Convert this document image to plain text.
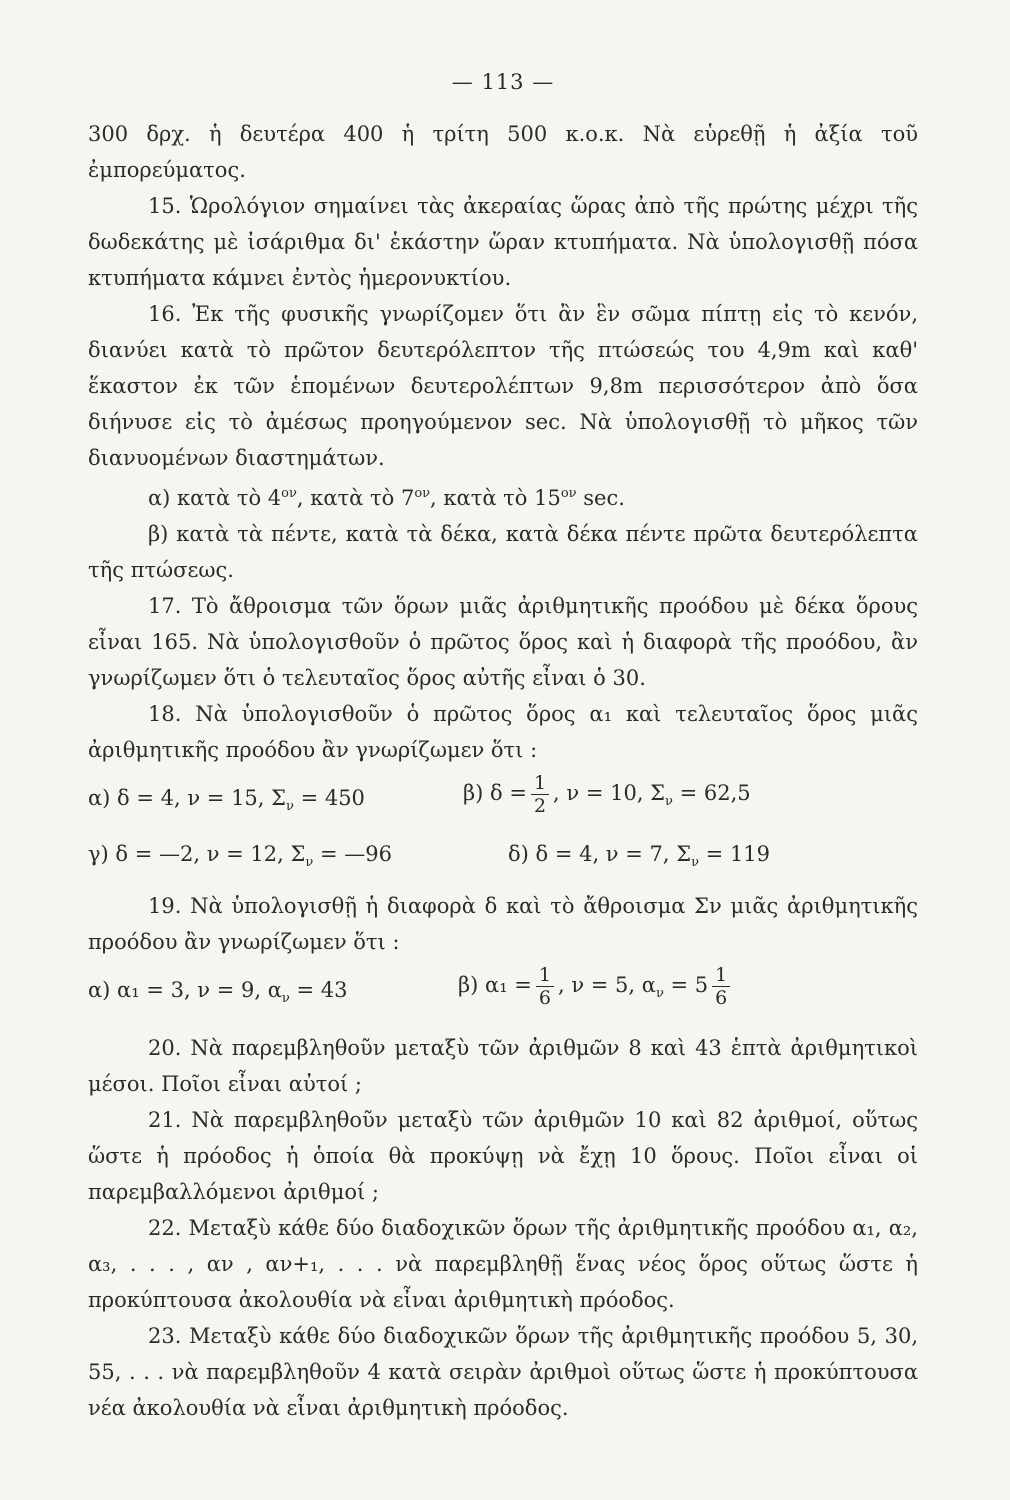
— 113 —

300 δρχ. ἡ δευτέρα 400 ἡ τρίτη 500 κ.ο.κ. Νὰ εὑρεθῇ ἡ ἀξία τοῦ ἐμπορεύματος.

15. Ὡρολόγιον σημαίνει τὰς ἀκεραίας ὥρας ἀπὸ τῆς πρώτης μέχρι τῆς δωδεκάτης μὲ ἰσάριθμα δι' ἑκάστην ὥραν κτυπήματα. Νὰ ὑπολογισθῇ πόσα κτυπήματα κάμνει ἐντὸς ἡμερονυκτίου.

16. Ἐκ τῆς φυσικῆς γνωρίζομεν ὅτι ἂν ἓν σῶμα πίπτῃ εἰς τὸ κενόν, διανύει κατὰ τὸ πρῶτον δευτερόλεπτον τῆς πτώσεώς του 4,9m καὶ καθ' ἕκαστον ἐκ τῶν ἑπομένων δευτερολέπτων 9,8m περισσότερον ἀπὸ ὅσα διήνυσε εἰς τὸ ἀμέσως προηγούμενον sec. Νὰ ὑπολογισθῇ τὸ μῆκος τῶν διανυομένων διαστημάτων.

α) κατὰ τὸ $4^{o\nu}$, κατὰ τὸ $7^{o\nu}$, κατὰ τὸ $15^{o\nu}$ sec.

β) κατὰ τὰ πέντε, κατὰ τὰ δέκα, κατὰ δέκα πέντε πρῶτα δευτερόλεπτα τῆς πτώσεως.

17. Τὸ ἄθροισμα τῶν ὅρων μιᾶς ἀριθμητικῆς προόδου μὲ δέκα ὅρους εἶναι 165. Νὰ ὑπολογισθοῦν ὁ πρῶτος ὅρος καὶ ἡ διαφορὰ τῆς προόδου, ἂν γνωρίζωμεν ὅτι ὁ τελευταῖος ὅρος αὐτῆς εἶναι ὁ 30.

18. Νὰ ὑπολογισθοῦν ὁ πρῶτος ὅρος α₁ καὶ τελευταῖος ὅρος μιᾶς ἀριθμητικῆς προόδου ἂν γνωρίζωμεν ὅτι :

α) δ = 4, ν = 15, $\Sigma_\nu = 450$	β) $\delta = \frac{1}{2}$ , ν = 10, $\Sigma_\nu = 62,5$
γ) δ = —2, ν = 12, $\Sigma_\nu$ = —96	δ) δ = 4, ν = 7, $\Sigma_\nu = 119$

19. Νὰ ὑπολογισθῇ ἡ διαφορὰ δ καὶ τὸ ἄθροισμα Σν μιᾶς ἀριθμητικῆς προόδου ἂν γνωρίζωμεν ὅτι :

α) α₁ = 3, ν = 9, $\alpha_\nu = 43$	β) $\alpha_1 = \frac{1}{6}$ , ν = 5, $\alpha_\nu = 5 \frac{1}{6}$

20. Νὰ παρεμβληθοῦν μεταξὺ τῶν ἀριθμῶν 8 καὶ 43 ἑπτὰ ἀριθμητικοὶ μέσοι. Ποῖοι εἶναι αὐτοί ;

21. Νὰ παρεμβληθοῦν μεταξὺ τῶν ἀριθμῶν 10 καὶ 82 ἀριθμοί, οὕτως ὥστε ἡ πρόοδος ἡ ὁποία θὰ προκύψῃ νὰ ἔχῃ 10 ὅρους. Ποῖοι εἶναι οἱ παρεμβαλλόμενοι ἀριθμοί ;

22. Μεταξὺ κάθε δύο διαδοχικῶν ὅρων τῆς ἀριθμητικῆς προόδου α₁, α₂, α₃, . . . , αν , αν+₁, . . . νὰ παρεμβληθῇ ἕνας νέος ὅρος οὕτως ὥστε ἡ προκύπτουσα ἀκολουθία νὰ εἶναι ἀριθμητικὴ πρόοδος.

23. Μεταξὺ κάθε δύο διαδοχικῶν ὅρων τῆς ἀριθμητικῆς προόδου 5, 30, 55, . . . νὰ παρεμβληθοῦν 4 κατὰ σειρὰν ἀριθμοὶ οὕτως ὥστε ἡ προκύπτουσα νέα ἀκολουθία νὰ εἶναι ἀριθμητικὴ πρόοδος.
